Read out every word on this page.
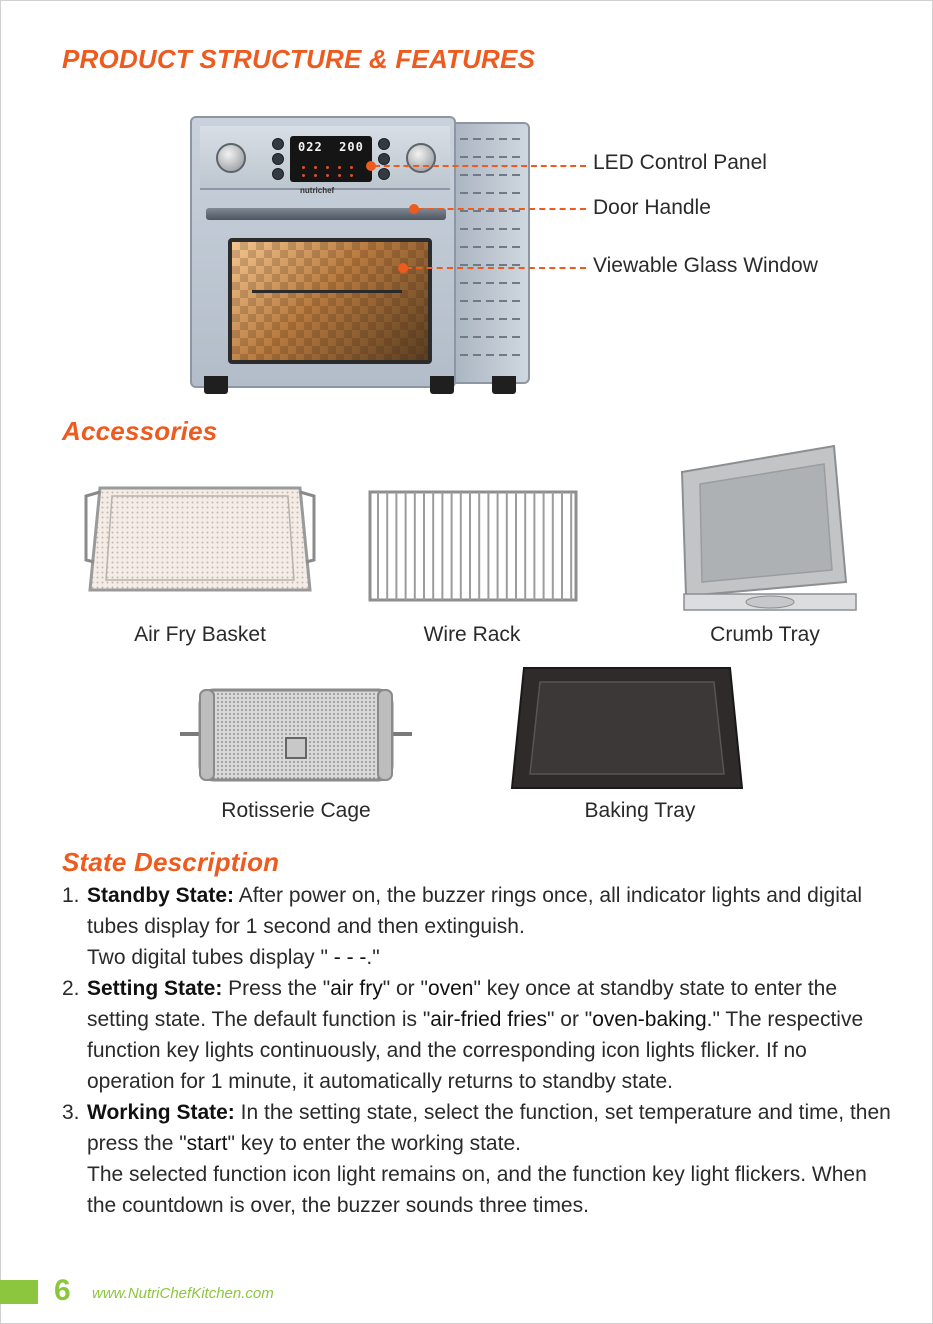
PRODUCT STRUCTURE & FEATURES
022 200
nutrichef
LED Control Panel
Door Handle
Viewable Glass Window
Accessories
Air Fry Basket	Wire Rack	Crumb Tray
Rotisserie Cage	Baking Tray
State Description
1. Standby State: After power on, the buzzer rings once, all indicator lights and digital tubes display for 1 second and then extinguish.

Two digital tubes display " - - -."

2. Setting State: Press the "air fry" or "oven" key once at standby state to enter the setting state. The default function is "air-fried fries" or "oven-baking." The respective function key lights continuously, and the corresponding icon lights flicker. If no operation for 1 minute, it automatically returns to standby state.

3. Working State: In the setting state, select the function, set temperature and time, then press the "start" key to enter the working state.

The selected function icon light remains on, and the function key light flickers. When the countdown is over, the buzzer sounds three times.

6 www.NutriChefKitchen.com
